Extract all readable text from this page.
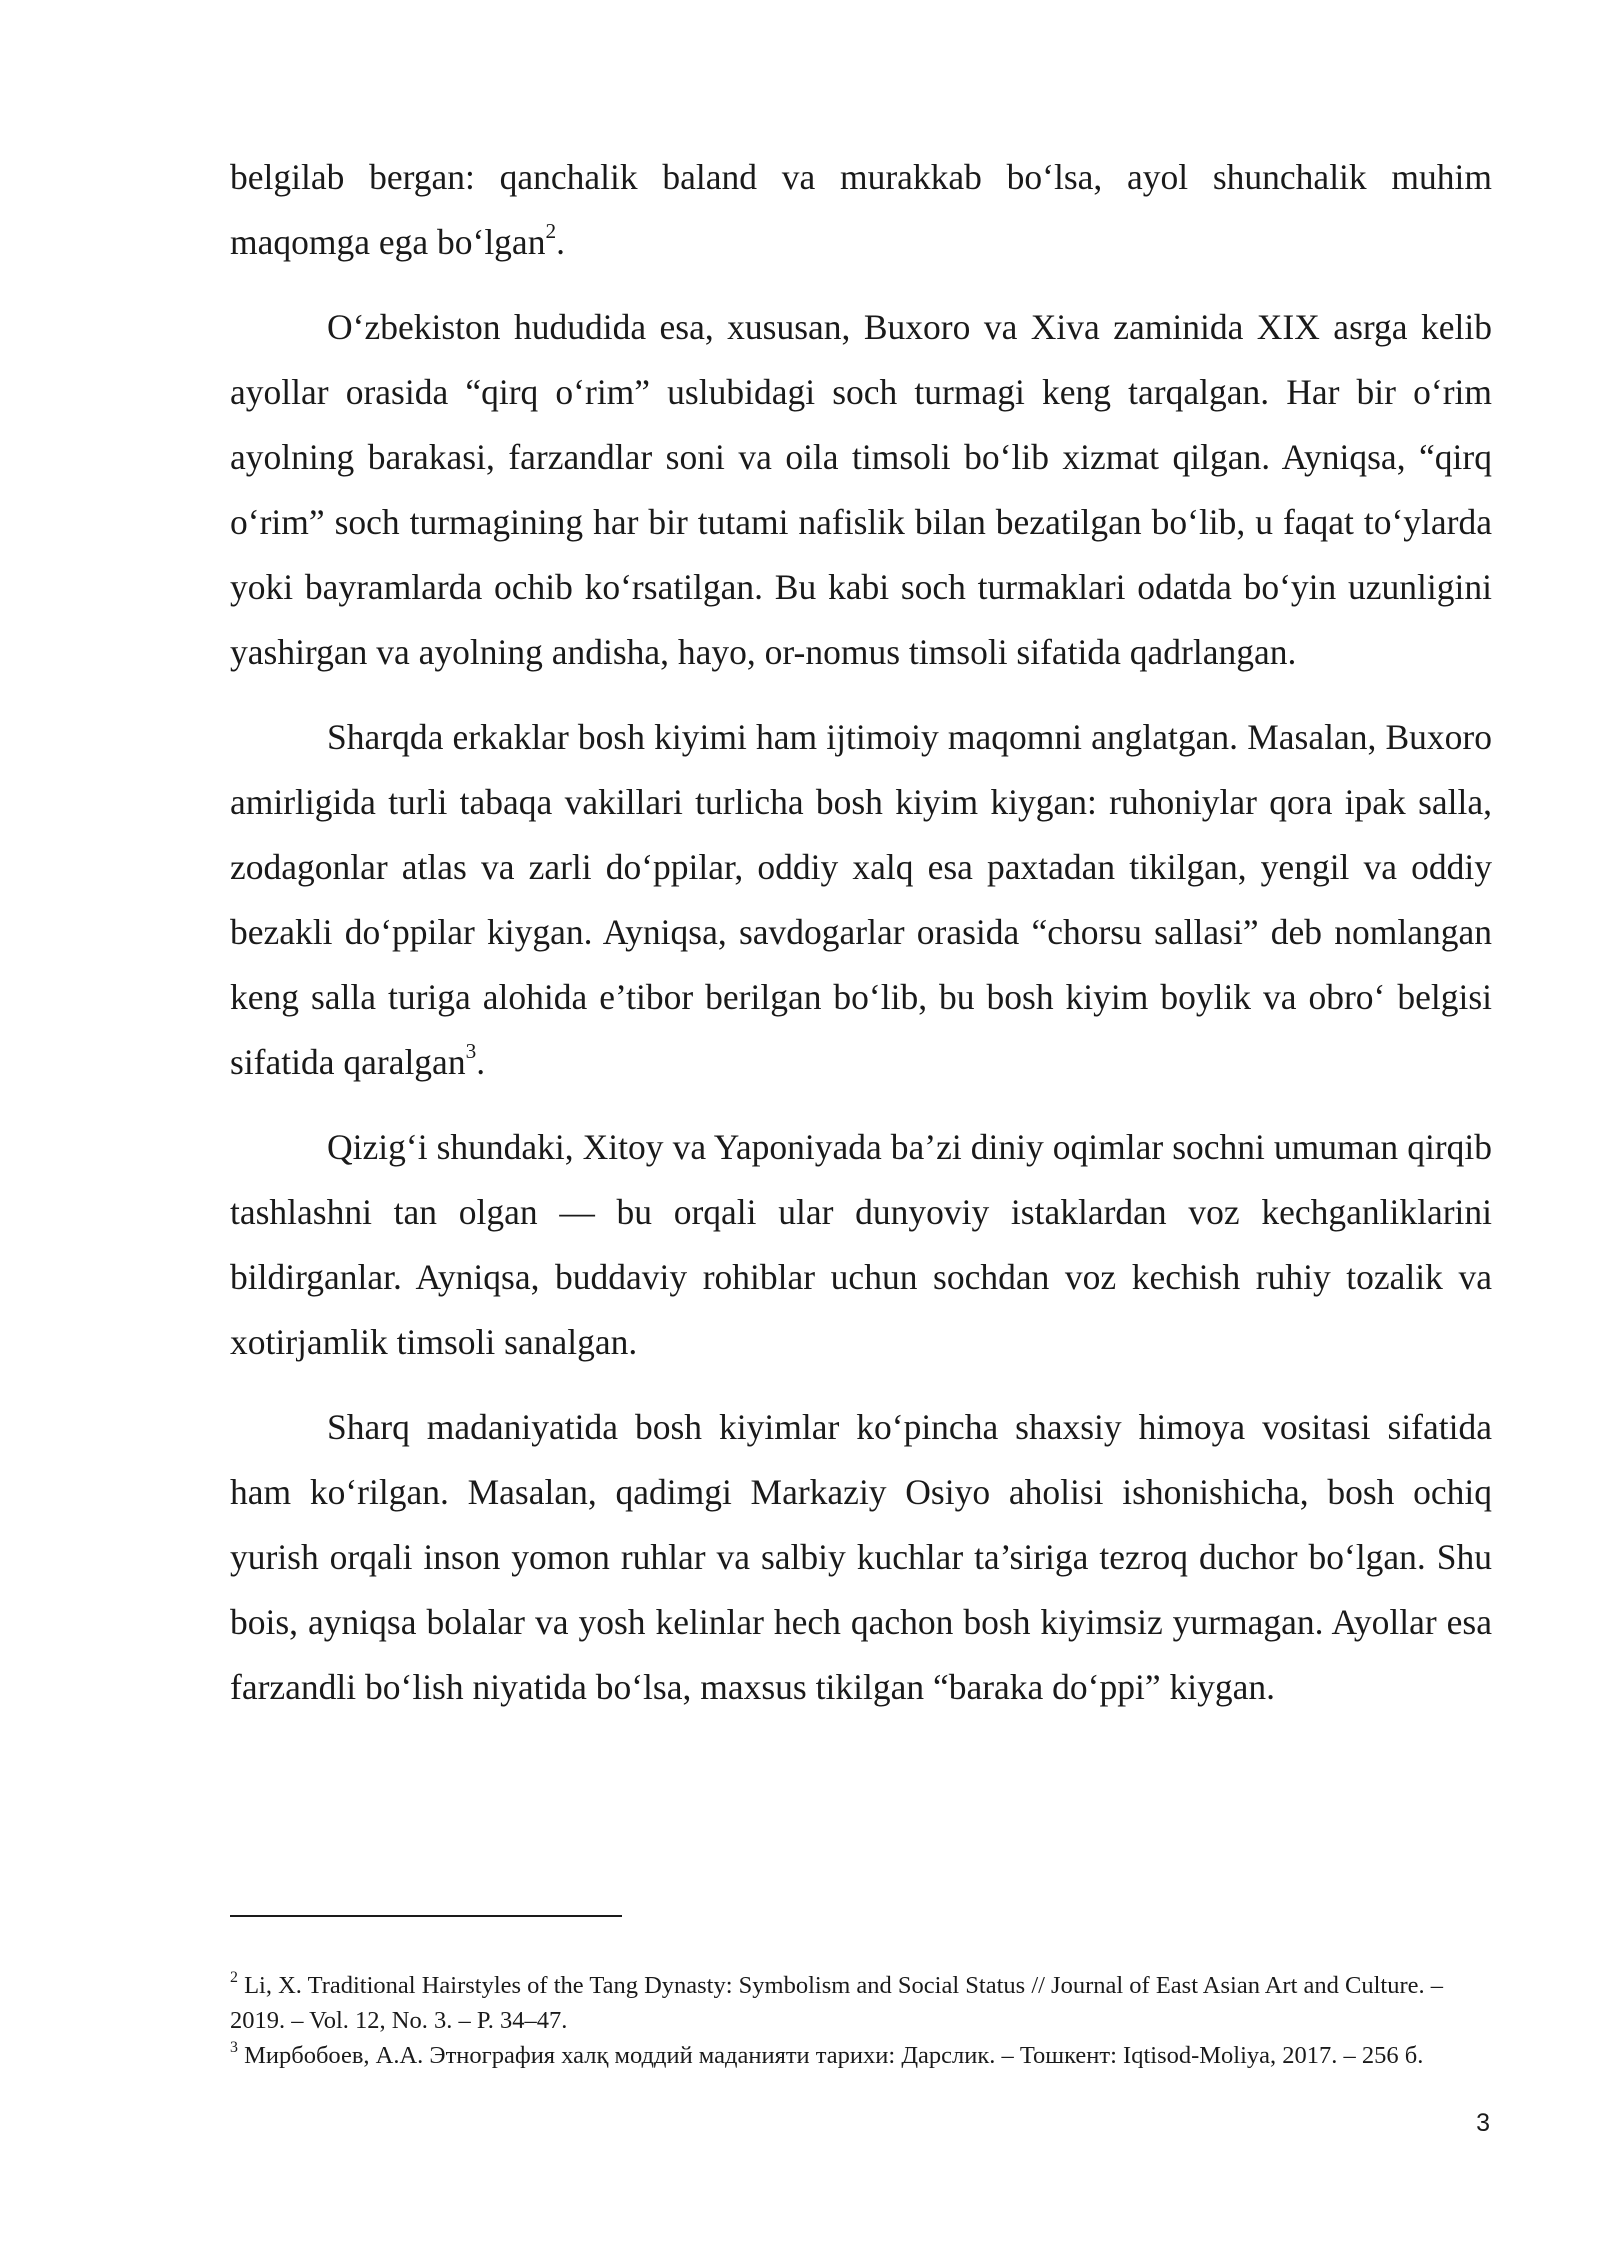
belgilab bergan: qanchalik baland va murakkab bo‘lsa, ayol shunchalik muhim maqomga ega bo‘lgan$^2$.

O‘zbekiston hududida esa, xususan, Buxoro va Xiva zaminida XIX asrga kelib ayollar orasida “qirq o‘rim” uslubidagi soch turmagi keng tarqalgan. Har bir o‘rim ayolning barakasi, farzandlar soni va oila timsoli bo‘lib xizmat qilgan. Ayniqsa, “qirq o‘rim” soch turmagining har bir tutami nafislik bilan bezatilgan bo‘lib, u faqat to‘ylarda yoki bayramlarda ochib ko‘rsatilgan. Bu kabi soch turmaklari odatda bo‘yin uzunligini yashirgan va ayolning andisha, hayo, or-nomus timsoli sifatida qadrlangan.

Sharqda erkaklar bosh kiyimi ham ijtimoiy maqomni anglatgan. Masalan, Buxoro amirligida turli tabaqa vakillari turlicha bosh kiyim kiygan: ruhoniylar qora ipak salla, zodagonlar atlas va zarli do‘ppilar, oddiy xalq esa paxtadan tikilgan, yengil va oddiy bezakli do‘ppilar kiygan. Ayniqsa, savdogarlar orasida “chorsu sallasi” deb nomlangan keng salla turiga alohida e’tibor berilgan bo‘lib, bu bosh kiyim boylik va obro‘ belgisi sifatida qaralgan$^3$.

Qizig‘i shundaki, Xitoy va Yaponiyada ba’zi diniy oqimlar sochni umuman qirqib tashlashni tan olgan — bu orqali ular dunyoviy istaklardan voz kechganliklarini bildirganlar. Ayniqsa, buddaviy rohiblar uchun sochdan voz kechish ruhiy tozalik va xotirjamlik timsoli sanalgan.

Sharq madaniyatida bosh kiyimlar ko‘pincha shaxsiy himoya vositasi sifatida ham ko‘rilgan. Masalan, qadimgi Markaziy Osiyo aholisi ishonishicha, bosh ochiq yurish orqali inson yomon ruhlar va salbiy kuchlar ta’siriga tezroq duchor bo‘lgan. Shu bois, ayniqsa bolalar va yosh kelinlar hech qachon bosh kiyimsiz yurmagan. Ayollar esa farzandli bo‘lish niyatida bo‘lsa, maxsus tikilgan “baraka do‘ppi” kiygan.

$^2$ Li, X. Traditional Hairstyles of the Tang Dynasty: Symbolism and Social Status // Journal of East Asian Art and Culture. – 2019. – Vol. 12, No. 3. – P. 34–47.

$^3$ Мирбобоев, А.А. Этнография халқ моддий маданияти тарихи: Дарслик. – Тошкент: Iqtisod-Moliya, 2017. – 256 б.

3
